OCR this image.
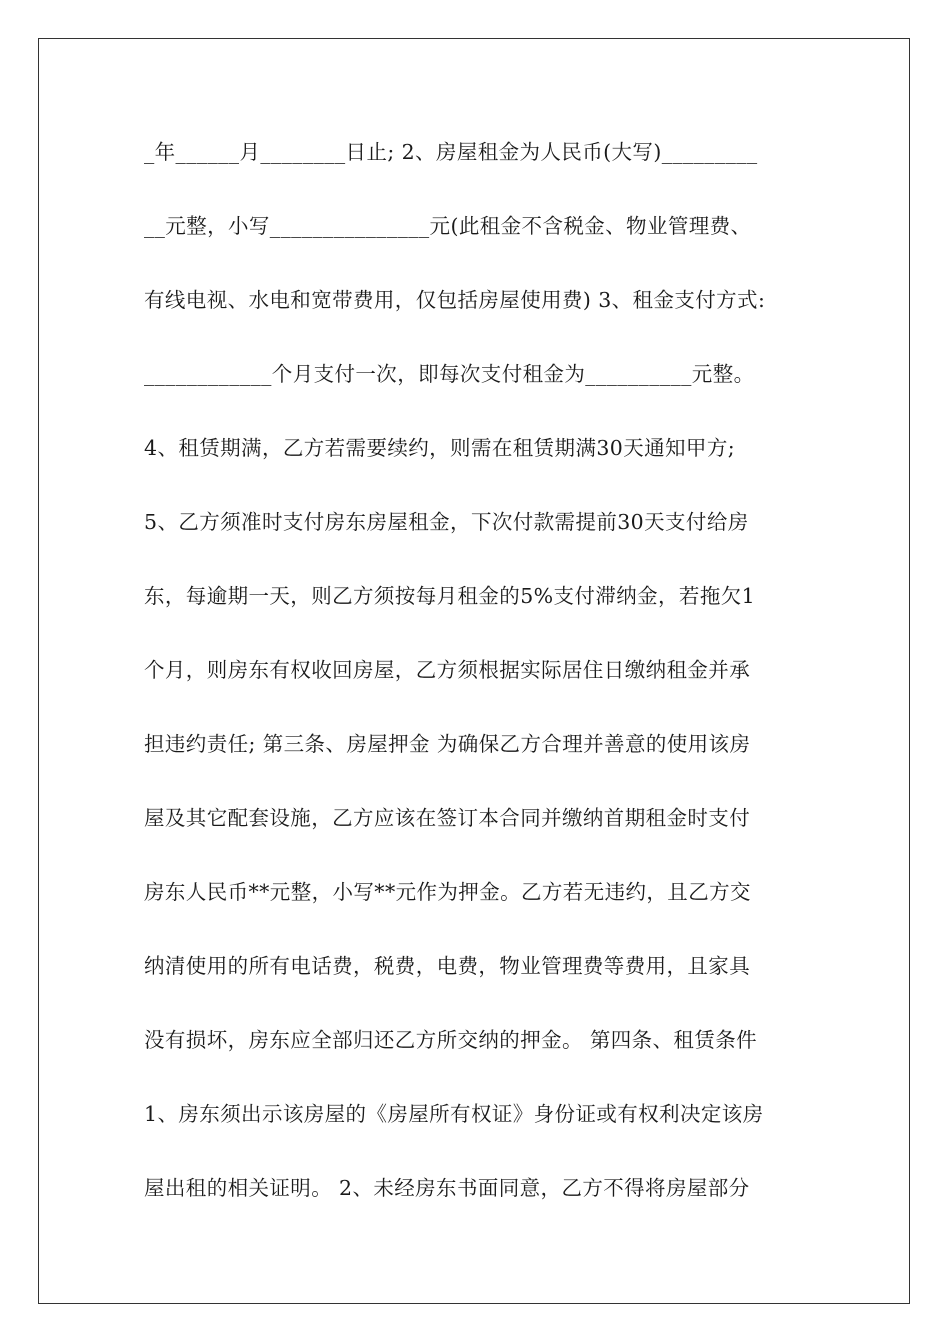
_年______月________日止; 2、房屋租金为人民币(大写)_________
__元整，小写_______________元(此租金不含税金、物业管理费、
有线电视、水电和宽带费用，仅包括房屋使用费) 3、租金支付方式:
____________个月支付一次，即每次支付租金为__________元整。
4、租赁期满，乙方若需要续约，则需在租赁期满30天通知甲方;
5、乙方须准时支付房东房屋租金，下次付款需提前30天支付给房
东，每逾期一天，则乙方须按每月租金的5%支付滞纳金，若拖欠1
个月，则房东有权收回房屋，乙方须根据实际居住日缴纳租金并承
担违约责任; 第三条、房屋押金 为确保乙方合理并善意的使用该房
屋及其它配套设施，乙方应该在签订本合同并缴纳首期租金时支付
房东人民币**元整，小写**元作为押金。乙方若无违约，且乙方交
纳清使用的所有电话费，税费，电费，物业管理费等费用，且家具
没有损坏，房东应全部归还乙方所交纳的押金。 第四条、租赁条件
1、房东须出示该房屋的《房屋所有权证》身份证或有权利决定该房
屋出租的相关证明。 2、未经房东书面同意，乙方不得将房屋部分
